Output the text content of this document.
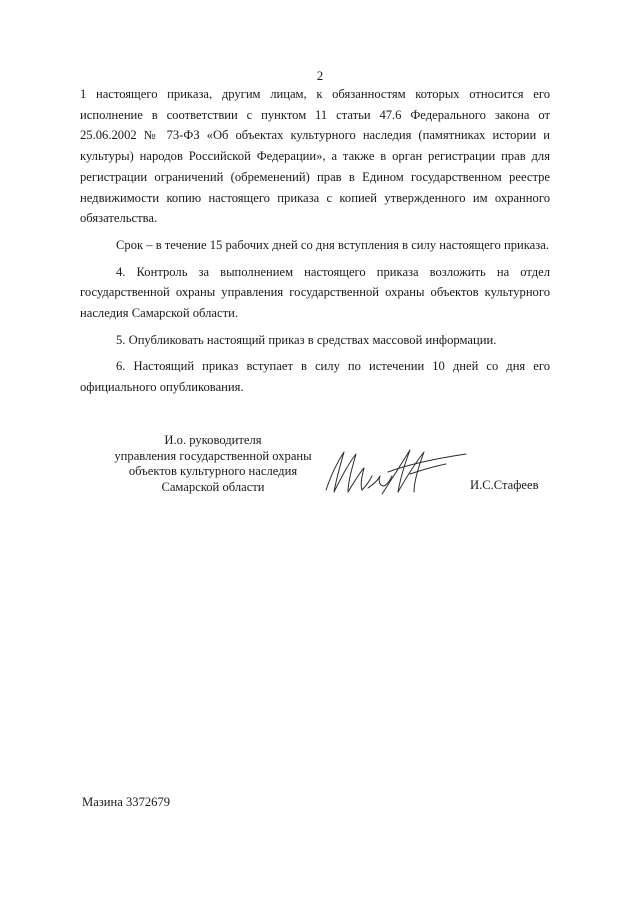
2

1 настоящего приказа, другим лицам, к обязанностям которых относится его исполнение в соответствии с пунктом 11 статьи 47.6 Федерального закона от 25.06.2002 № 73-ФЗ «Об объектах культурного наследия (памятниках истории и культуры) народов Российской Федерации», а также в орган регистрации прав для регистрации ограничений (обременений) прав в Едином государственном реестре недвижимости копию настоящего приказа с копией утвержденного им охранного обязательства.

Срок – в течение 15 рабочих дней со дня вступления в силу настоящего приказа.

4. Контроль за выполнением настоящего приказа возложить на отдел государственной охраны управления государственной охраны объектов культурного наследия Самарской области.

5. Опубликовать настоящий приказ в средствах массовой информации.

6. Настоящий приказ вступает в силу по истечении 10 дней со дня его официального опубликования.

И.о. руководителя
управления государственной охраны
объектов культурного наследия
Самарской области	И.С.Стафеев
Мазина 3372679
